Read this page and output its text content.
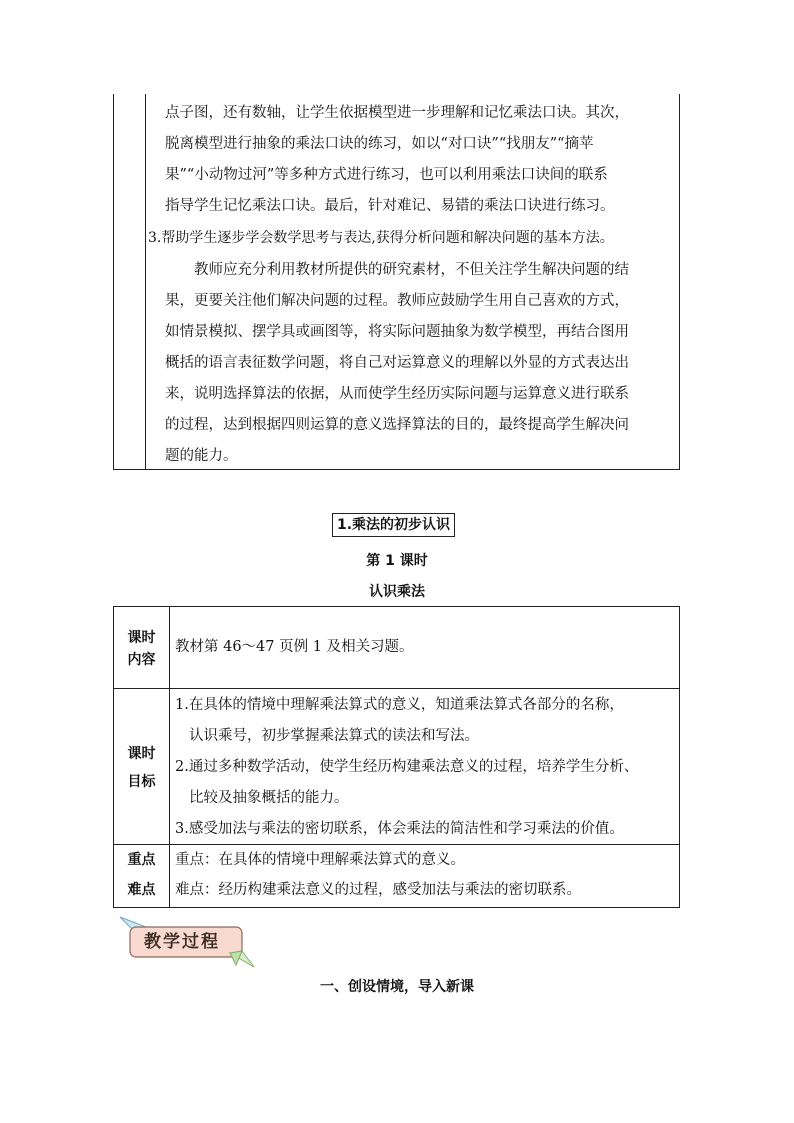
点子图，还有数轴，让学生依据模型进一步理解和记忆乘法口诀。其次，
脱离模型进行抽象的乘法口诀的练习，如以“对口诀”“找朋友”“摘苹
果”“小动物过河”等多种方式进行练习，也可以利用乘法口诀间的联系
指导学生记忆乘法口诀。最后，针对难记、易错的乘法口诀进行练习。
3.帮助学生逐步学会数学思考与表达,获得分析问题和解决问题的基本方法。
教师应充分利用教材所提供的研究素材，不但关注学生解决问题的结
果，更要关注他们解决问题的过程。教师应鼓励学生用自己喜欢的方式，
如情景模拟、摆学具或画图等，将实际问题抽象为数学模型，再结合图用
概括的语言表征数学问题，将自己对运算意义的理解以外显的方式表达出
来，说明选择算法的依据，从而使学生经历实际问题与运算意义进行联系
的过程，达到根据四则运算的意义选择算法的目的，最终提高学生解决问
题的能力。
1.乘法的初步认识
第 1 课时
认识乘法
课时
内容
教材第 46～47 页例 1 及相关习题。
课时
目标
1.在具体的情境中理解乘法算式的意义，知道乘法算式各部分的名称，
认识乘号，初步掌握乘法算式的读法和写法。
2.通过多种数学活动，使学生经历构建乘法意义的过程，培养学生分析、
比较及抽象概括的能力。
3.感受加法与乘法的密切联系，体会乘法的简洁性和学习乘法的价值。
重点
难点
重点：在具体的情境中理解乘法算式的意义。
难点：经历构建乘法意义的过程，感受加法与乘法的密切联系。
教学过程
一、创设情境，导入新课
